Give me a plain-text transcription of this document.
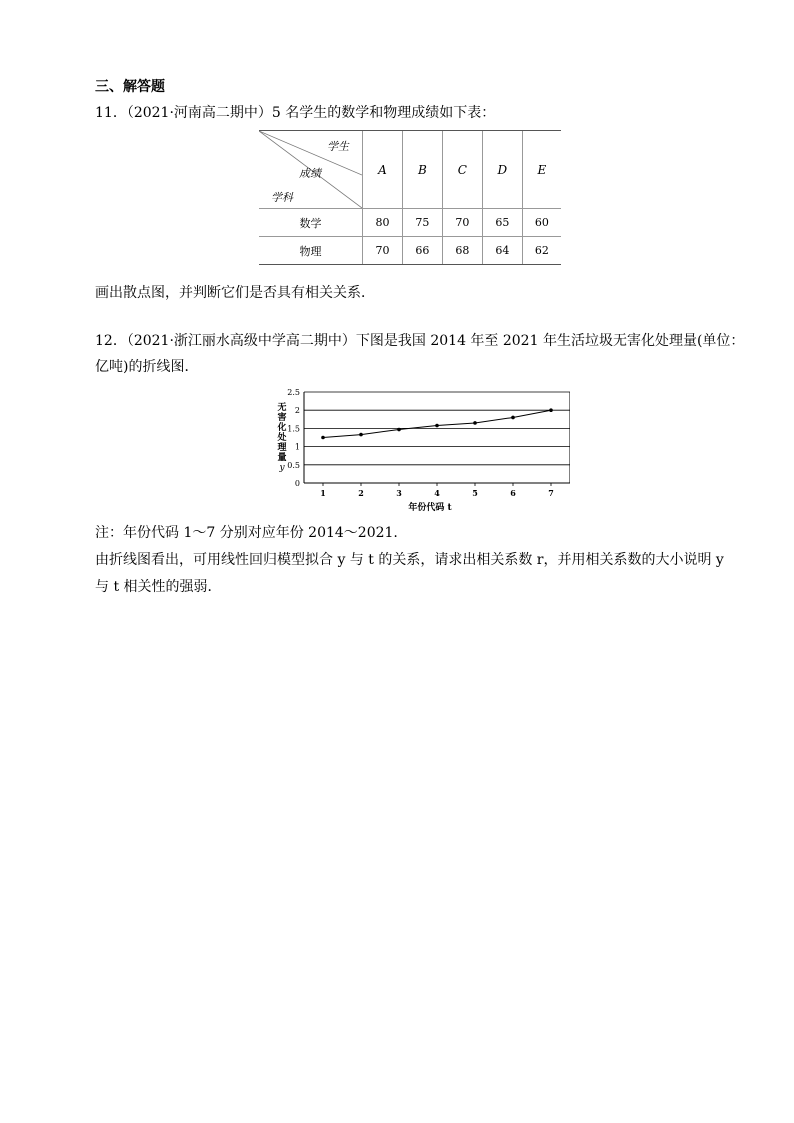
三、解答题
11．（2021·河南高二期中）5 名学生的数学和物理成绩如下表：
学生
成绩
学科	A	B	C	D	E
数学	80	75	70	65	60
物理	70	66	68	64	62
画出散点图，并判断它们是否具有相关关系．
12．（2021·浙江丽水高级中学高二期中）下图是我国 2014 年至 2021 年生活垃圾无害化处理量(单位：
亿吨)的折线图．
无
害
化
处
理
量
y
0
0.5
1
1.5
2
2.5
1	2	3	4	5	6	7
年份代码 t
注：年份代码 1～7 分别对应年份 2014～2021.
由折线图看出，可用线性回归模型拟合 y 与 t 的关系，请求出相关系数 r，并用相关系数的大小说明 y
与 t 相关性的强弱．
